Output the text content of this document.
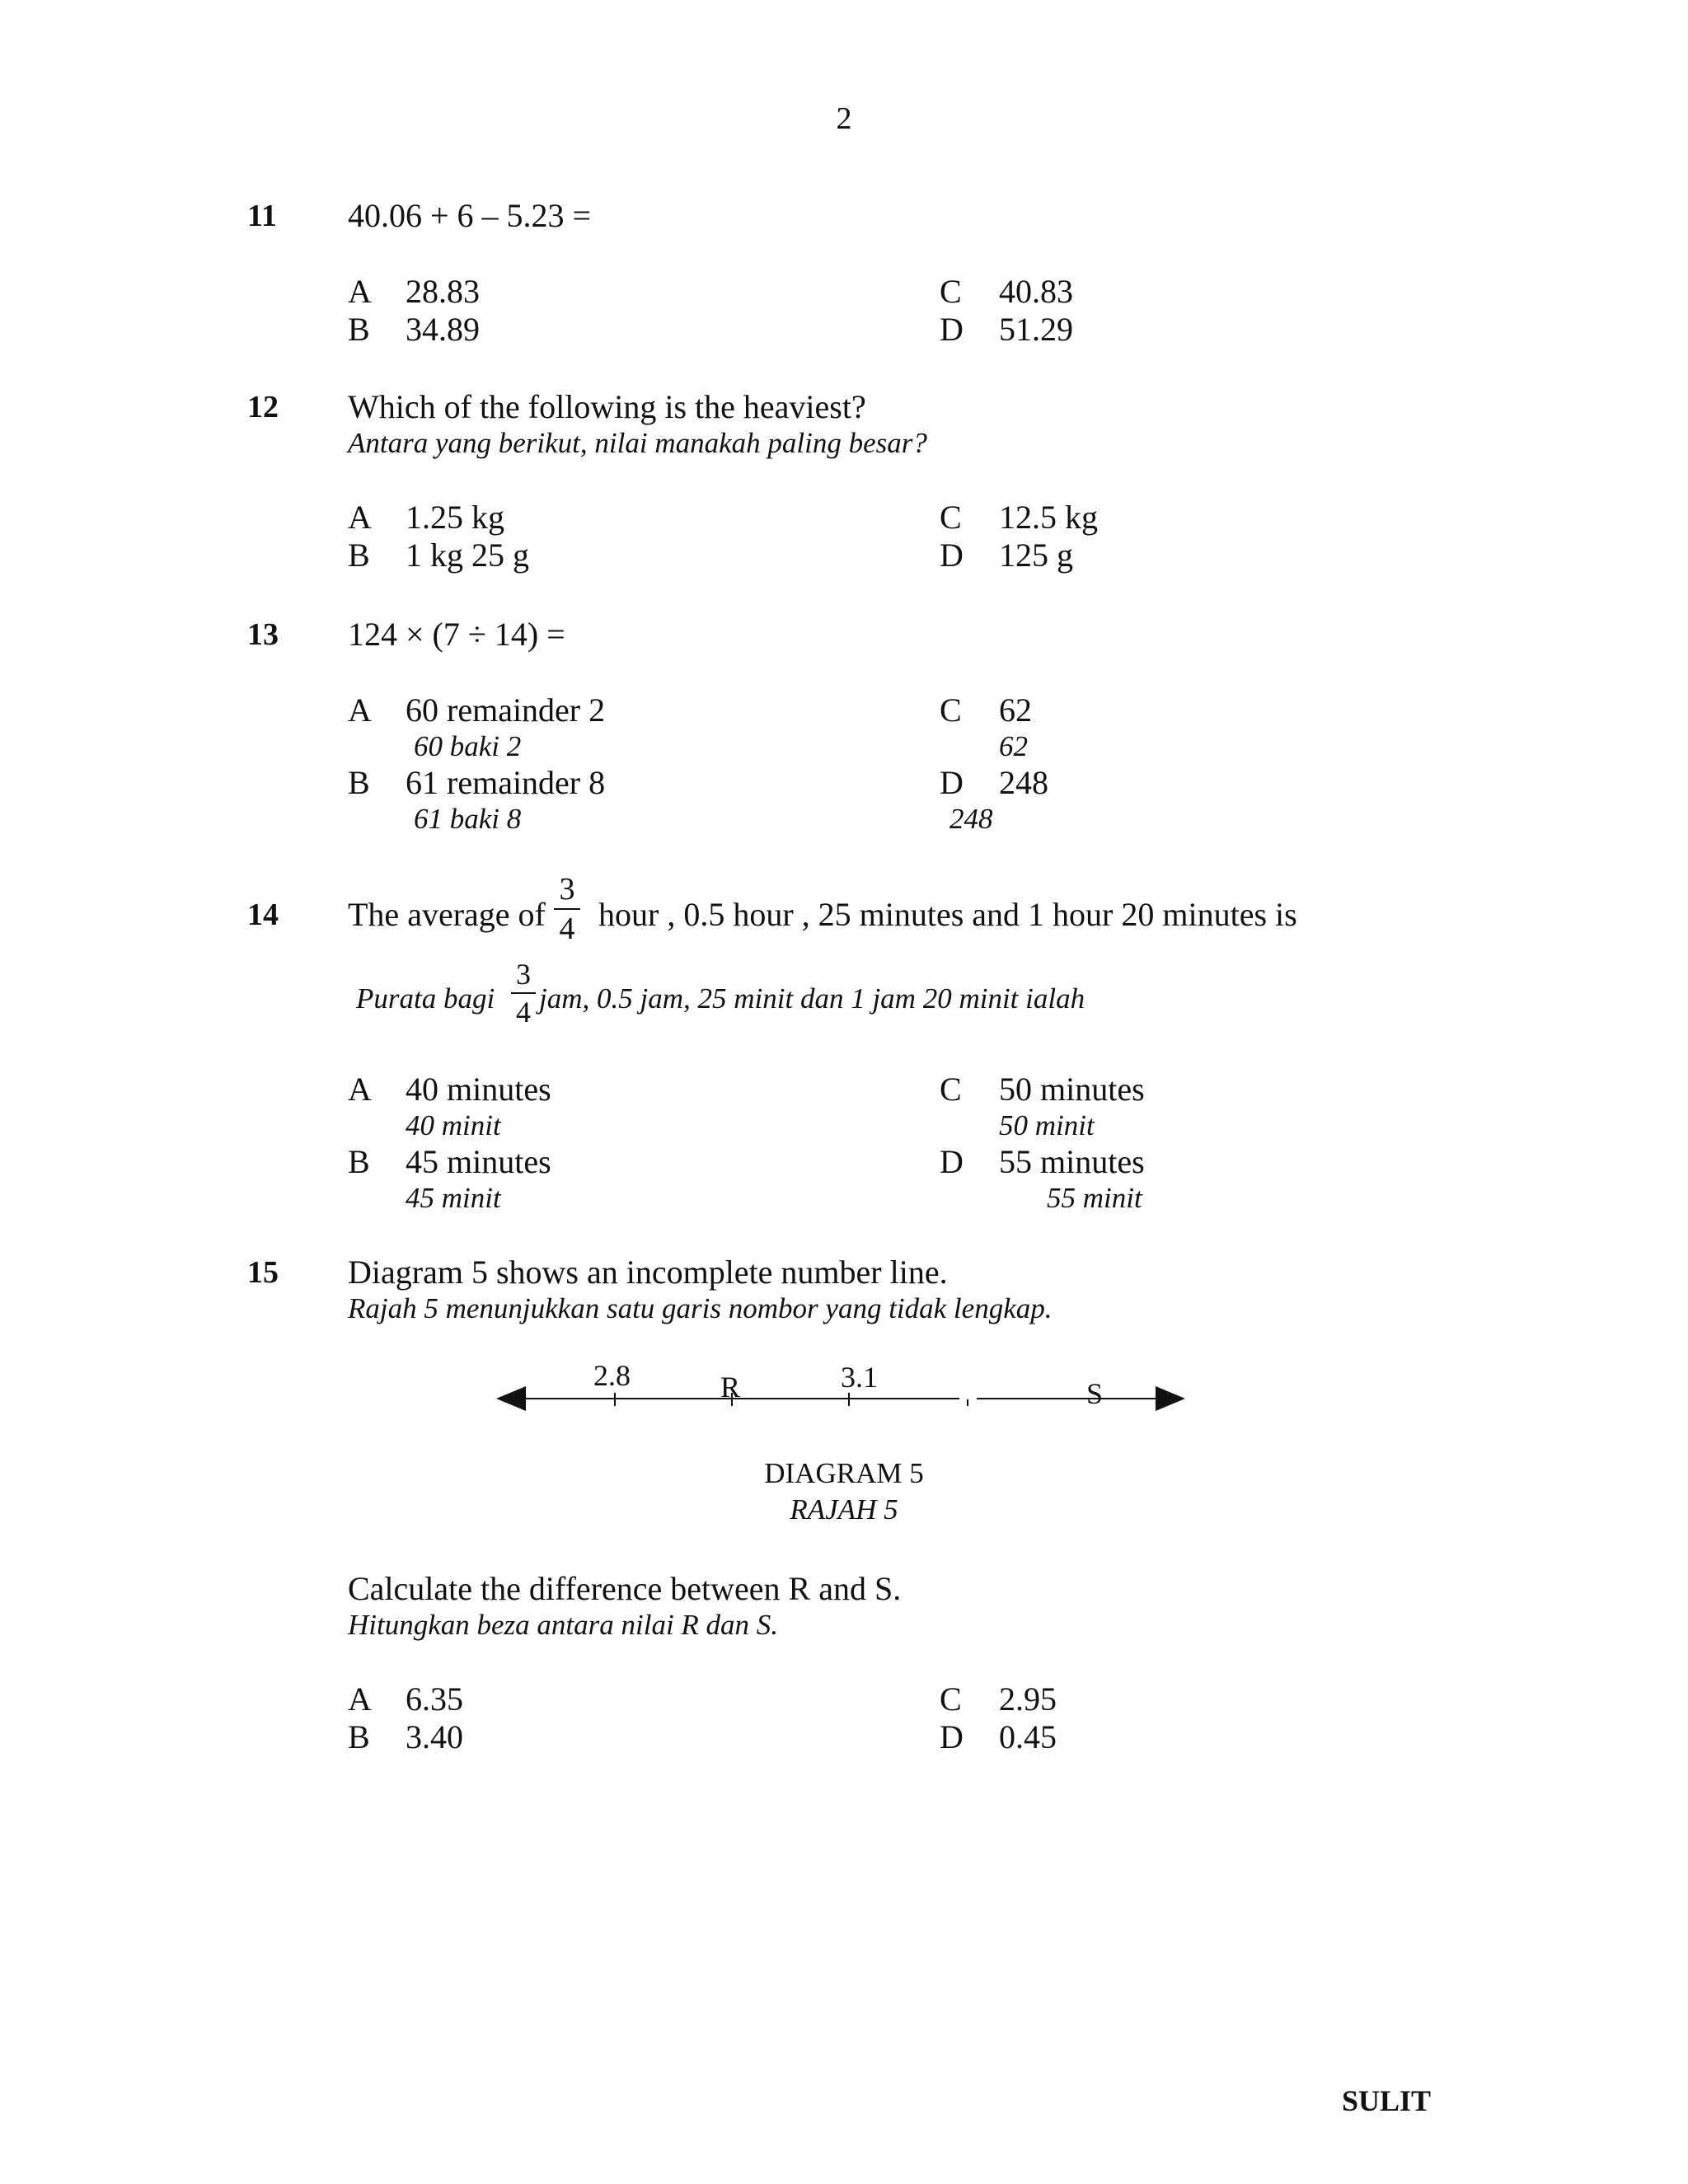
2
11 40.06 + 6 – 5.23 =
A 28.83
B 34.89
C 40.83
D 51.29
12 Which of the following is the heaviest?
Antara yang berikut, nilai manakah paling besar?
A 1.25 kg
B 1 kg 25 g
C 12.5 kg
D 125 g
13 124 × (7 ÷ 14) =
A 60 remainder 2
60 baki 2
B 61 remainder 8
61 baki 8
C 62
62
D 248
248
14 The average of
3
4 hour , 0.5 hour , 25 minutes and 1 hour 20 minutes is
Purata bagi
3
4 jam, 0.5 jam, 25 minit dan 1 jam 20 minit ialah
A 40 minutes
40 minit
B 45 minutes
45 minit
C 50 minutes
50 minit
D 55 minutes
55 minit
15 Diagram 5 shows an incomplete number line.
Rajah 5 menunjukkan satu garis nombor yang tidak lengkap.
2.8	R	3.1	S
DIAGRAM 5
RAJAH 5
Calculate the difference between R and S.
Hitungkan beza antara nilai R dan S.
A 6.35
B 3.40
C 2.95
D 0.45
SULIT
